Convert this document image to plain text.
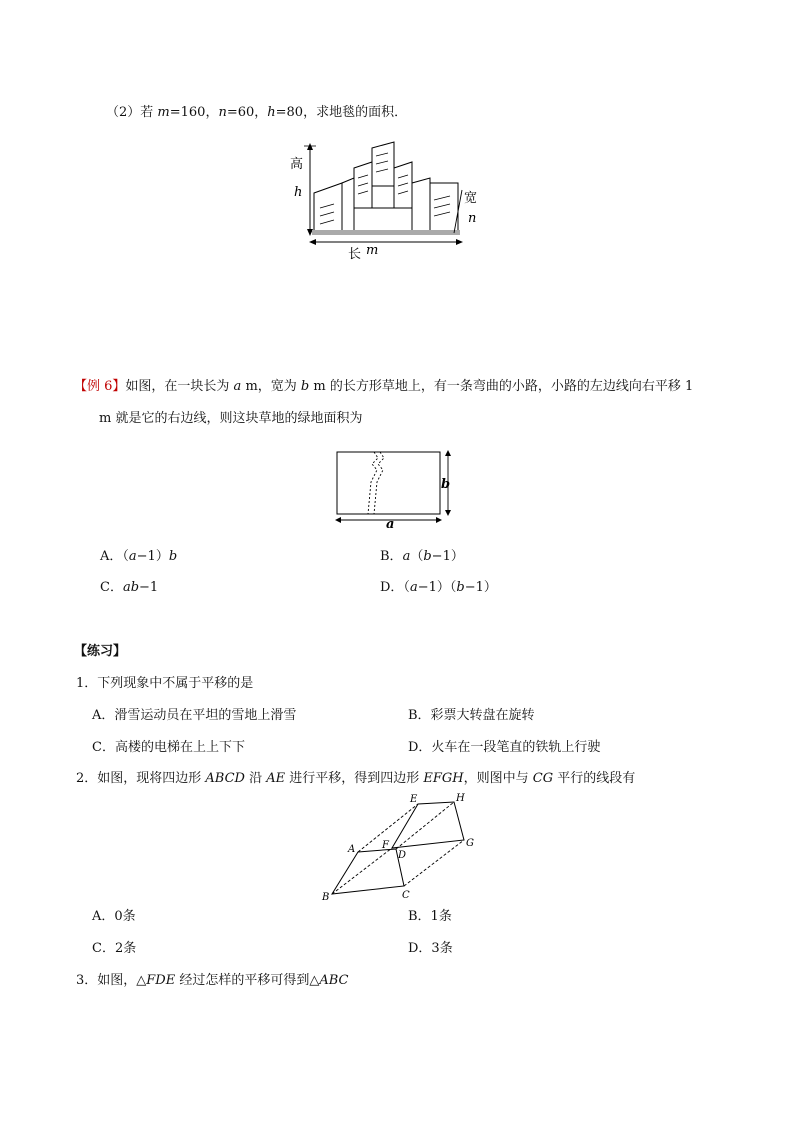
（2）若 m=160，n=60，h=80，求地毯的面积．
高
h	宽
n
长 m
【例 6】如图，在一块长为 a m，宽为 b m 的长方形草地上，有一条弯曲的小路，小路的左边线向右平移 1
m 就是它的右边线，则这块草地的绿地面积为
b
a
A．（a−1）b	B．a（b−1）
C．ab−1	D．（a−1）（b−1）
【练习】
1．下列现象中不属于平移的是
A．滑雪运动员在平坦的雪地上滑雪	B．彩票大转盘在旋转
C．高楼的电梯在上上下下	D．火车在一段笔直的铁轨上行驶
2．如图，现将四边形 ABCD 沿 AE 进行平移，得到四边形 EFGH，则图中与 CG 平行的线段有
E	H
A	F
D
G
B	C
A．0条	B．1条
C．2条	D．3条
3．如图，△FDE 经过怎样的平移可得到△ABC
